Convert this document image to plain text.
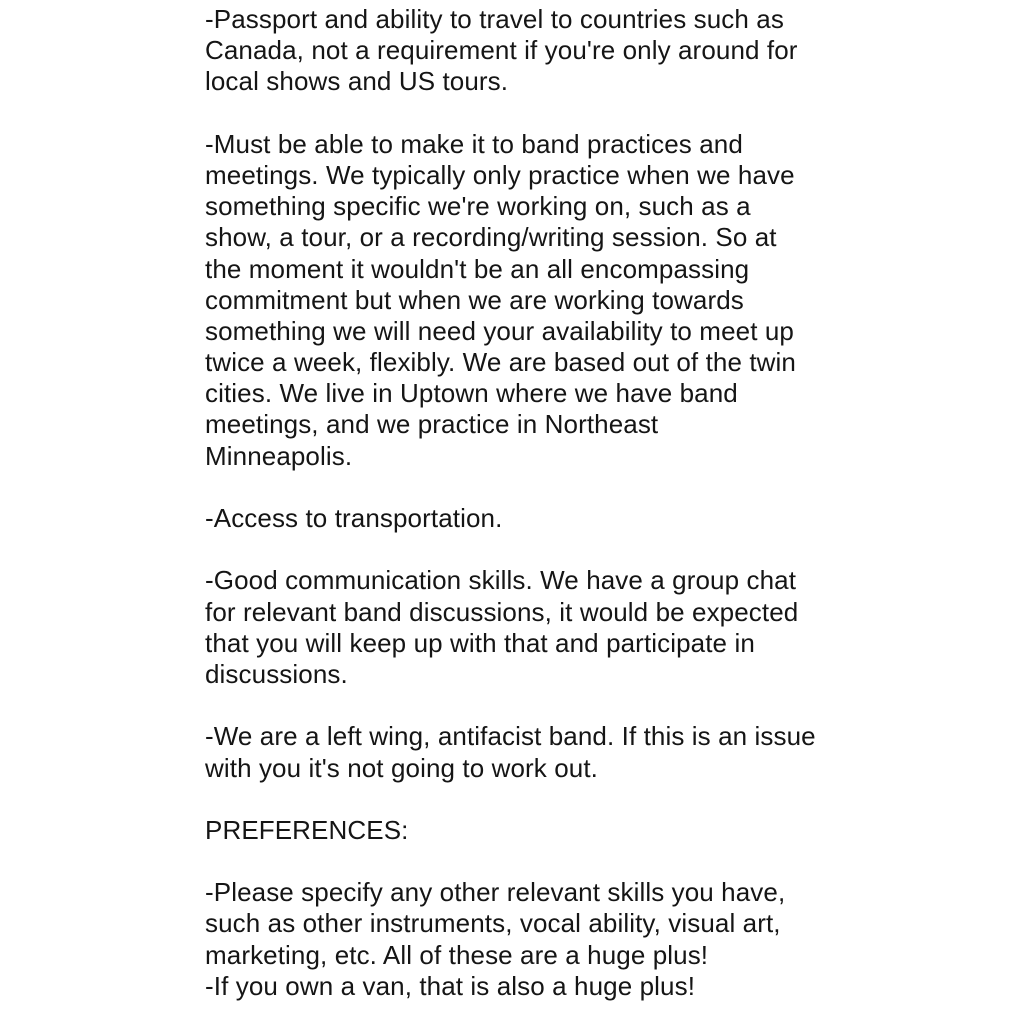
-Passport and ability to travel to countries such as
Canada, not a requirement if you're only around for
local shows and US tours.
-Must be able to make it to band practices and
meetings. We typically only practice when we have
something specific we're working on, such as a
show, a tour, or a recording/writing session. So at
the moment it wouldn't be an all encompassing
commitment but when we are working towards
something we will need your availability to meet up
twice a week, flexibly. We are based out of the twin
cities. We live in Uptown where we have band
meetings, and we practice in Northeast
Minneapolis.
-Access to transportation.
-Good communication skills. We have a group chat
for relevant band discussions, it would be expected
that you will keep up with that and participate in
discussions.
-We are a left wing, antifacist band. If this is an issue
with you it's not going to work out.
PREFERENCES:
-Please specify any other relevant skills you have,
such as other instruments, vocal ability, visual art,
marketing, etc. All of these are a huge plus!
-If you own a van, that is also a huge plus!
